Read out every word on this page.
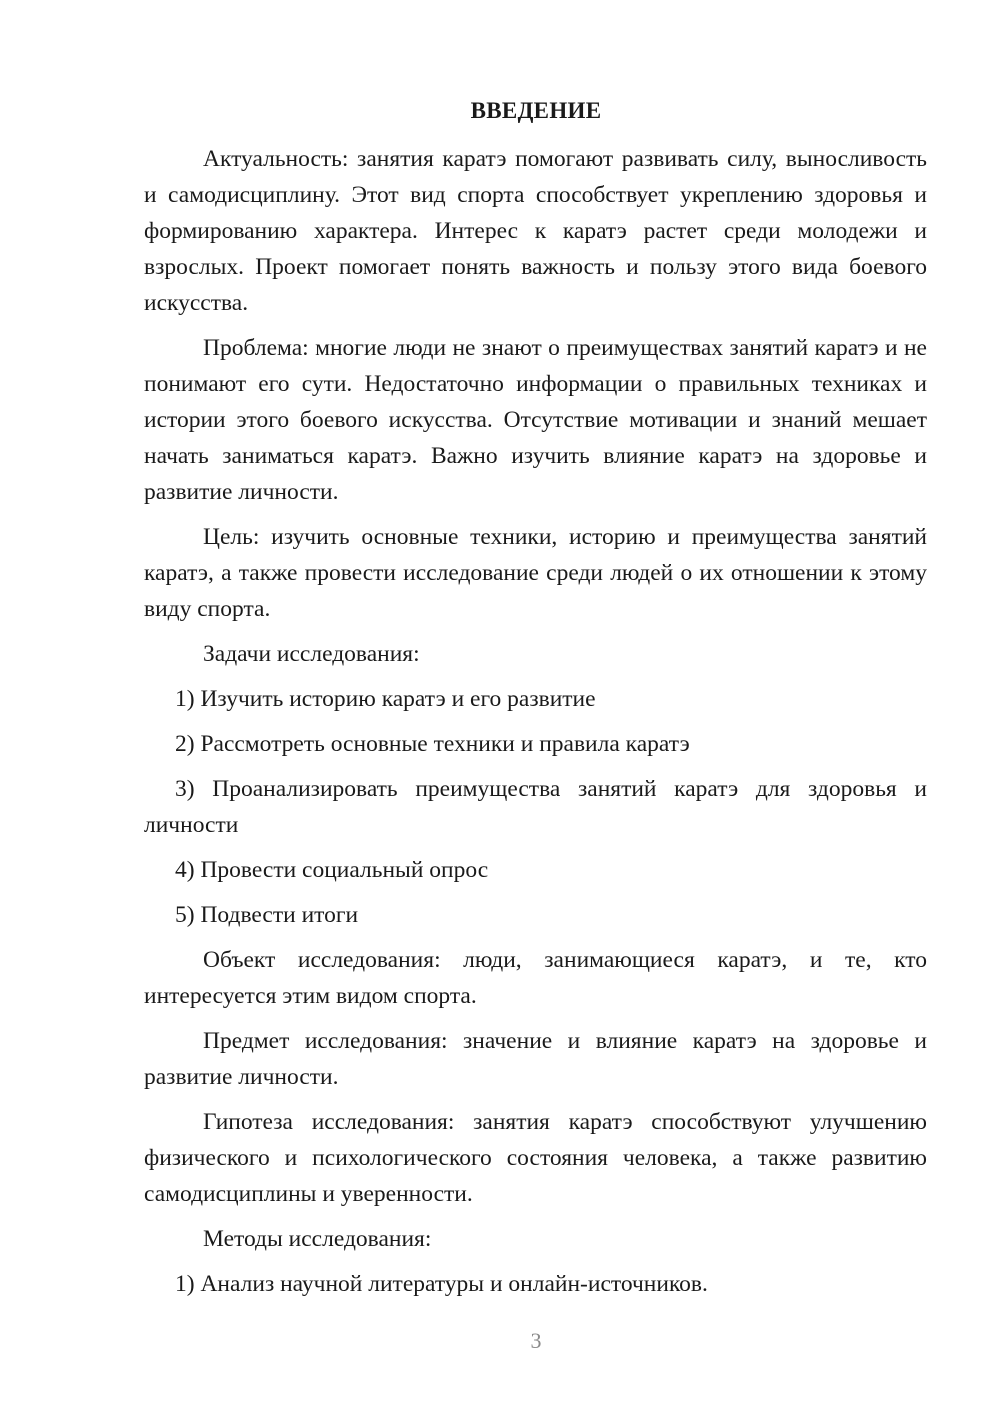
ВВЕДЕНИЕ

Актуальность: занятия каратэ помогают развивать силу, выносливость и самодисциплину. Этот вид спорта способствует укреплению здоровья и формированию характера. Интерес к каратэ растет среди молодежи и взрослых. Проект помогает понять важность и пользу этого вида боевого искусства.

Проблема: многие люди не знают о преимуществах занятий каратэ и не понимают его сути. Недостаточно информации о правильных техниках и истории этого боевого искусства. Отсутствие мотивации и знаний мешает начать заниматься каратэ. Важно изучить влияние каратэ на здоровье и развитие личности.

Цель: изучить основные техники, историю и преимущества занятий каратэ, а также провести исследование среди людей о их отношении к этому виду спорта.

Задачи исследования:

1) Изучить историю каратэ и его развитие

2) Рассмотреть основные техники и правила каратэ

3) Проанализировать преимущества занятий каратэ для здоровья и личности

4) Провести социальный опрос

5) Подвести итоги

Объект исследования: люди, занимающиеся каратэ, и те, кто интересуется этим видом спорта.

Предмет исследования: значение и влияние каратэ на здоровье и развитие личности.

Гипотеза исследования: занятия каратэ способствуют улучшению физического и психологического состояния человека, а также развитию самодисциплины и уверенности.

Методы исследования:

1) Анализ научной литературы и онлайн-источников.

3
